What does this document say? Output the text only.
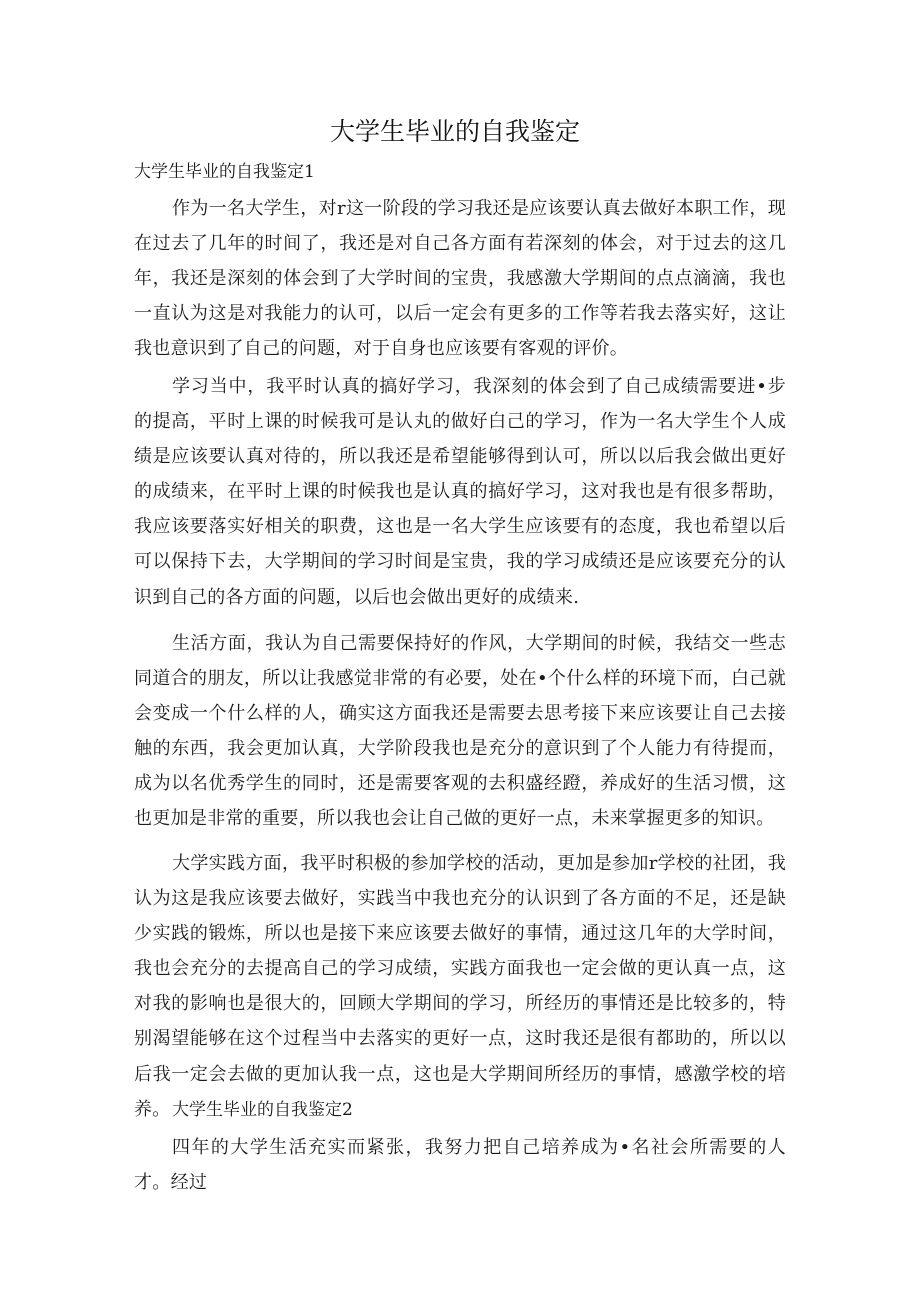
大学生毕业的自我鉴定
大学生毕业的自我鉴定1

作为一名大学生，对r这一阶段的学习我还是应该要认真去做好本职工作，现在过去了几年的时间了，我还是对自己各方面有若深刻的体会，对于过去的这几年，我还是深刻的体会到了大学时间的宝贵，我感激大学期间的点点滴滴，我也一直认为这是对我能力的认可，以后一定会有更多的工作等若我去落实好，这让我也意识到了自己的问题，对于自身也应该要有客观的评价。

学习当中，我平时认真的搞好学习，我深刻的体会到了自己成绩需要进•步的提高，平时上课的时候我可是认丸的做好白己的学习，作为一名大学生个人成绩是应该要认真对待的，所以我还是希望能够得到认可，所以以后我会做出更好的成绩来，在平时上课的时候我也是认真的搞好学习，这对我也是有很多帮助，我应该要落实好相关的职费，这也是一名大学生应该要有的态度，我也希望以后可以保持下去，大学期间的学习时间是宝贵，我的学习成绩还是应该要充分的认识到自己的各方面的问题，以后也会做出更好的成绩来.

生活方面，我认为自己需要保持好的作风，大学期间的时候，我结交一些志同道合的朋友，所以让我感觉非常的有必要，处在•个什么样的环境下而，白己就会变成一个什么样的人，确实这方面我还是需要去思考接下来应该要让自己去接触的东西，我会更加认真，大学阶段我也是充分的意识到了个人能力有待提而，成为以名优秀学生的同时，还是需要客观的去积盛经蹬，养成好的生活习惯，这也更加是非常的重要，所以我也会让自己做的更好一点，未来掌握更多的知识。

大学实践方面，我平时积极的参加学校的活动，更加是参加r学校的社团，我认为这是我应该要去做好，实践当中我也充分的认识到了各方面的不足，还是缺少实践的锻炼，所以也是接下来应该要去做好的事情，通过这几年的大学时间，我也会充分的去提高自己的学习成绩，实践方面我也一定会做的更认真一点，这对我的影响也是很大的，回顾大学期间的学习，所经历的事情还是比较多的，特别渴望能够在这个过程当中去落实的更好一点，这时我还是很有都助的，所以以后我一定会去做的更加认我一点，这也是大学期间所经历的事情，感激学校的培养。 大学生毕业的自我鉴定2

四年的大学生活充实而紧张，我努力把自己培养成为•名社会所需要的人才。经过
